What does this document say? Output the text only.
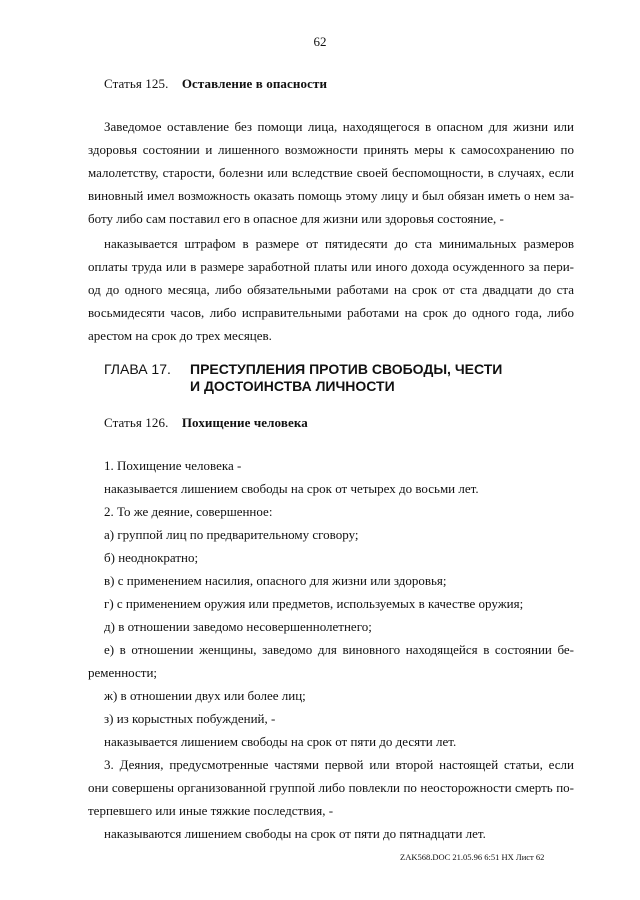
62
Статья 125. Оставление в опасности
Заведомое оставление без помощи лица, находящегося в опасном для жизни или
здоровья состоянии и лишенного возможности принять меры к самосохранению по
малолетству, старости, болезни или вследствие своей беспомощности, в случаях, если
виновный имел возможность оказать помощь этому лицу и был обязан иметь о нем за-
боту либо сам поставил его в опасное для жизни или здоровья состояние, -
наказывается штрафом в размере от пятидесяти до ста минимальных размеров
оплаты труда или в размере заработной платы или иного дохода осужденного за пери-
од до одного месяца, либо обязательными работами на срок от ста двадцати до ста
восьмидесяти часов, либо исправительными работами на срок до одного года, либо
арестом на срок до трех месяцев.
ГЛАВА 17. ПРЕСТУПЛЕНИЯ ПРОТИВ СВОБОДЫ, ЧЕСТИ
И ДОСТОИНСТВА ЛИЧНОСТИ
Статья 126. Похищение человека
1. Похищение человека -
наказывается лишением свободы на срок от четырех до восьми лет.
2. То же деяние, совершенное:
а) группой лиц по предварительному сговору;
б) неоднократно;
в) с применением насилия, опасного для жизни или здоровья;
г) с применением оружия или предметов, используемых в качестве оружия;
д) в отношении заведомо несовершеннолетнего;
е) в отношении женщины, заведомо для виновного находящейся в состоянии бе-
ременности;
ж) в отношении двух или более лиц;
з) из корыстных побуждений, -
наказывается лишением свободы на срок от пяти до десяти лет.
3. Деяния, предусмотренные частями первой или второй настоящей статьи, если
они совершены организованной группой либо повлекли по неосторожности смерть по-
терпевшего или иные тяжкие последствия, -
наказываются лишением свободы на срок от пяти до пятнадцати лет.
ZAK568.DOC 21.05.96 6:51 НХ Лист 62
